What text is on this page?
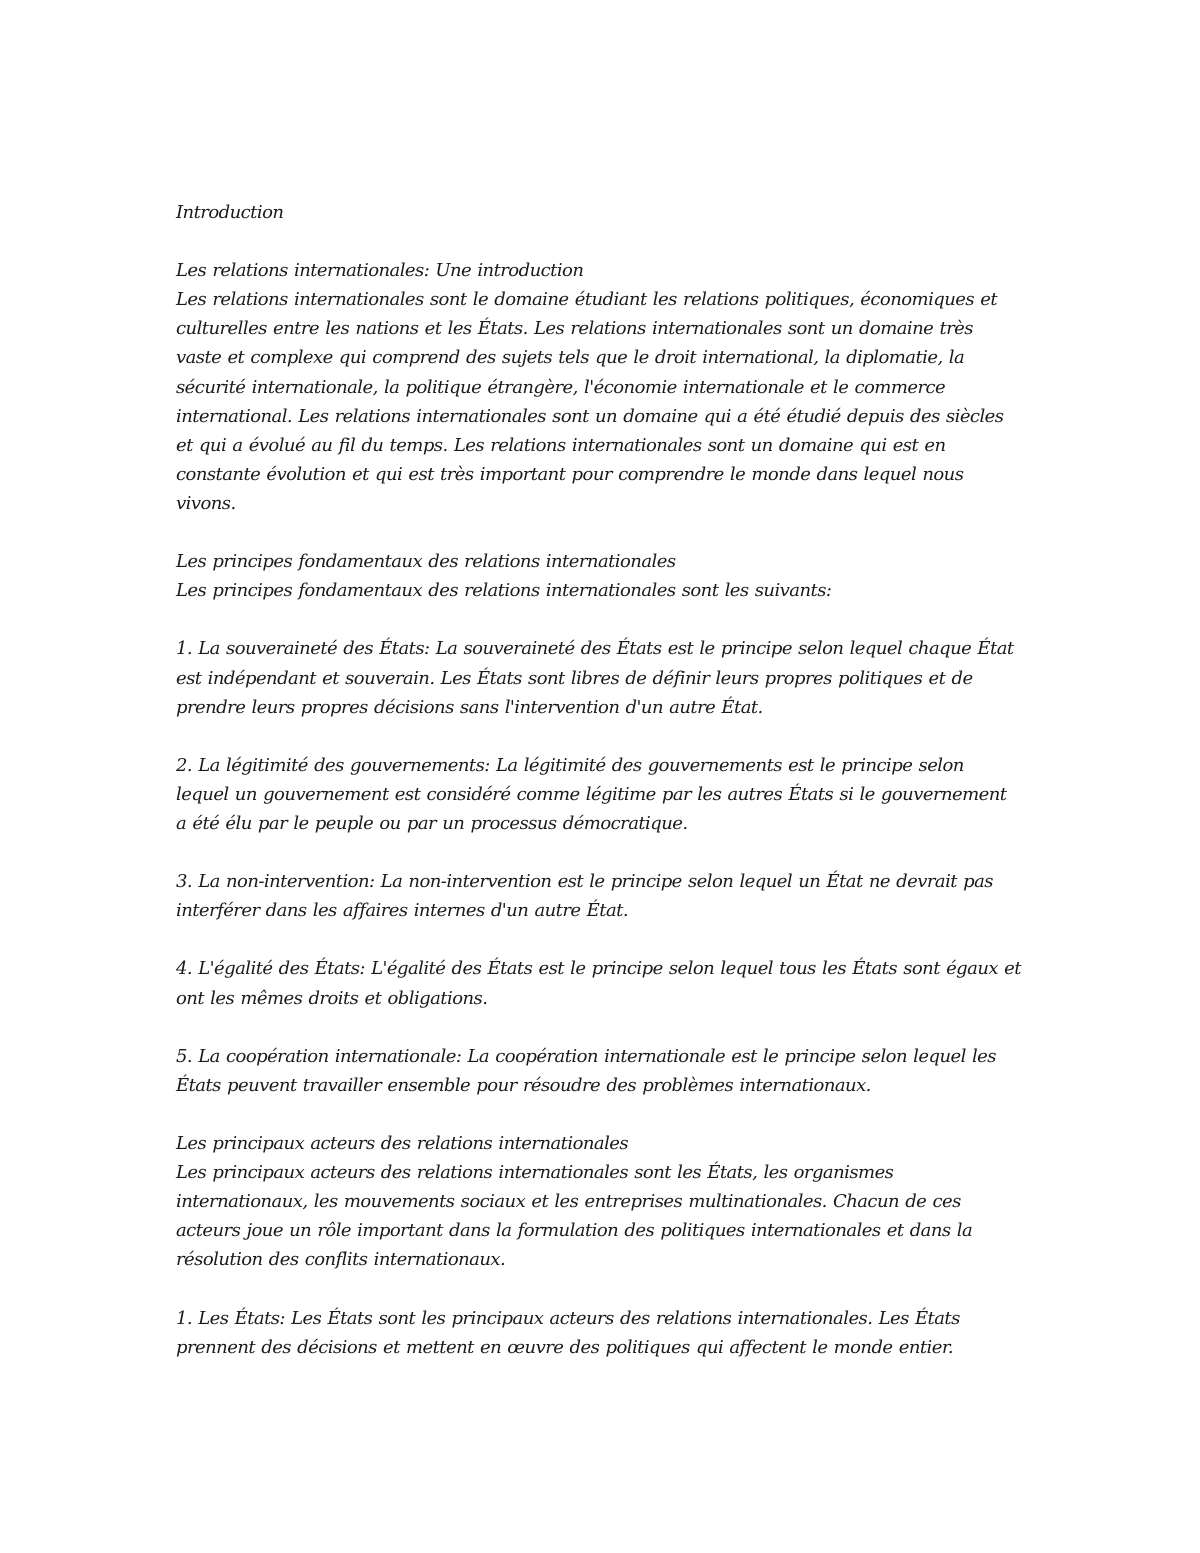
Introduction

Les relations internationales: Une introduction

Les relations internationales sont le domaine étudiant les relations politiques, économiques et

culturelles entre les nations et les États. Les relations internationales sont un domaine très

vaste et complexe qui comprend des sujets tels que le droit international, la diplomatie, la

sécurité internationale, la politique étrangère, l'économie internationale et le commerce

international. Les relations internationales sont un domaine qui a été étudié depuis des siècles

et qui a évolué au fil du temps. Les relations internationales sont un domaine qui est en

constante évolution et qui est très important pour comprendre le monde dans lequel nous

vivons.

Les principes fondamentaux des relations internationales

Les principes fondamentaux des relations internationales sont les suivants:

1. La souveraineté des États: La souveraineté des États est le principe selon lequel chaque État

est indépendant et souverain. Les États sont libres de définir leurs propres politiques et de

prendre leurs propres décisions sans l'intervention d'un autre État.

2. La légitimité des gouvernements: La légitimité des gouvernements est le principe selon

lequel un gouvernement est considéré comme légitime par les autres États si le gouvernement

a été élu par le peuple ou par un processus démocratique.

3. La non-intervention: La non-intervention est le principe selon lequel un État ne devrait pas

interférer dans les affaires internes d'un autre État.

4. L'égalité des États: L'égalité des États est le principe selon lequel tous les États sont égaux et

ont les mêmes droits et obligations.

5. La coopération internationale: La coopération internationale est le principe selon lequel les

États peuvent travailler ensemble pour résoudre des problèmes internationaux.

Les principaux acteurs des relations internationales

Les principaux acteurs des relations internationales sont les États, les organismes

internationaux, les mouvements sociaux et les entreprises multinationales. Chacun de ces

acteurs joue un rôle important dans la formulation des politiques internationales et dans la

résolution des conflits internationaux.

1. Les États: Les États sont les principaux acteurs des relations internationales. Les États

prennent des décisions et mettent en œuvre des politiques qui affectent le monde entier.
